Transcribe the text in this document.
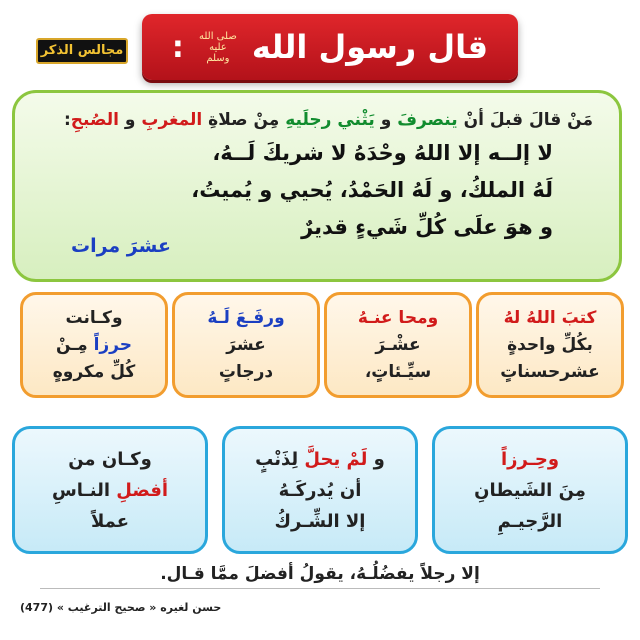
مجالس الذكر	قال رسول الله
صلى الله عليه وسلم
:
مَنْ قالَ قبلَ أنْ ينصرفَ و يَثْني رجلَيهِ مِنْ صلاةِ المغربِ و الصُبحِ:
لا إلــه إلا اللهُ وحْدَهُ لا شريكَ لَــهُ،
لَهُ الملكُ، و لَهُ الحَمْدُ، يُحيي و يُميتُ،
و هوَ علَى كُلِّ شَيءٍ قديرٌ
عشرَ مرات
كتبَ اللهُ لهُ
بكُلِّ واحدةٍ
عشرحسناتٍ
ومحا عنـهُ
عشْـرَ
سيِّـئاتٍ،
ورفَـعَ لَـهُ
عشرَ
درجاتٍ
وكـانت
حرزاً مِـنْ
كُلِّ مكروهٍ
وحِـرزاً
مِنَ الشَيطانِ
الرَّجيـمِ
و لَمْ يحلَّ لِذَنْبٍ
أن يُدركَـهُ
إلا الشِّـركُ
وكـان من
أفضلِ النـاسِ
عملاً
إلا رجلاً يفضُلُـهُ، يقولُ أفضلَ ممَّا قـال.
حسن لغيره « صحيح الترغيب » (477)
